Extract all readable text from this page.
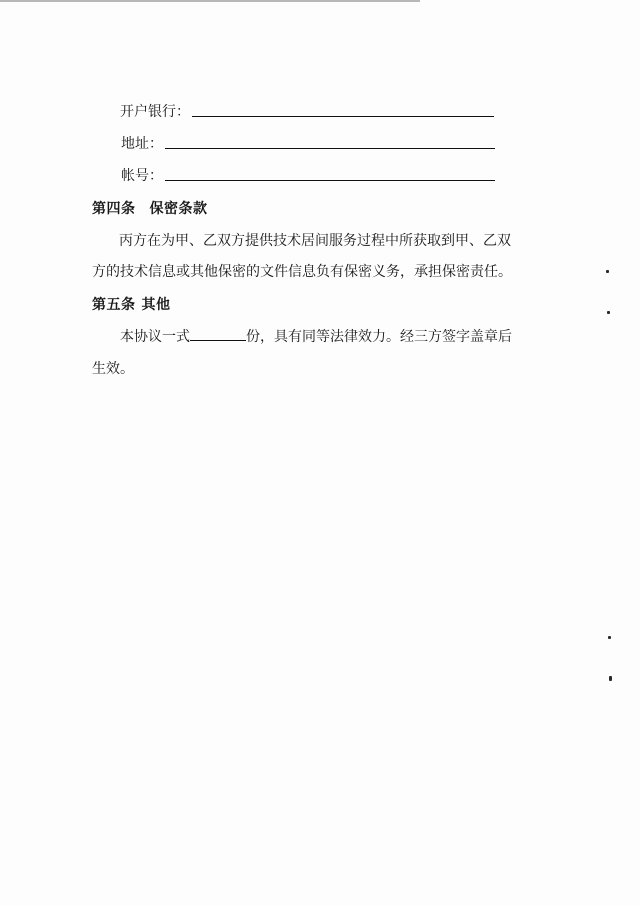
开户银行：
地址：
帐号：
第四条 保密条款
丙方在为甲、乙双方提供技术居间服务过程中所获取到甲、乙双
方的技术信息或其他保密的文件信息负有保密义务，承担保密责任。
第五条 其他
本协议一式	份，具有同等法律效力。经三方签字盖章后
生效。
